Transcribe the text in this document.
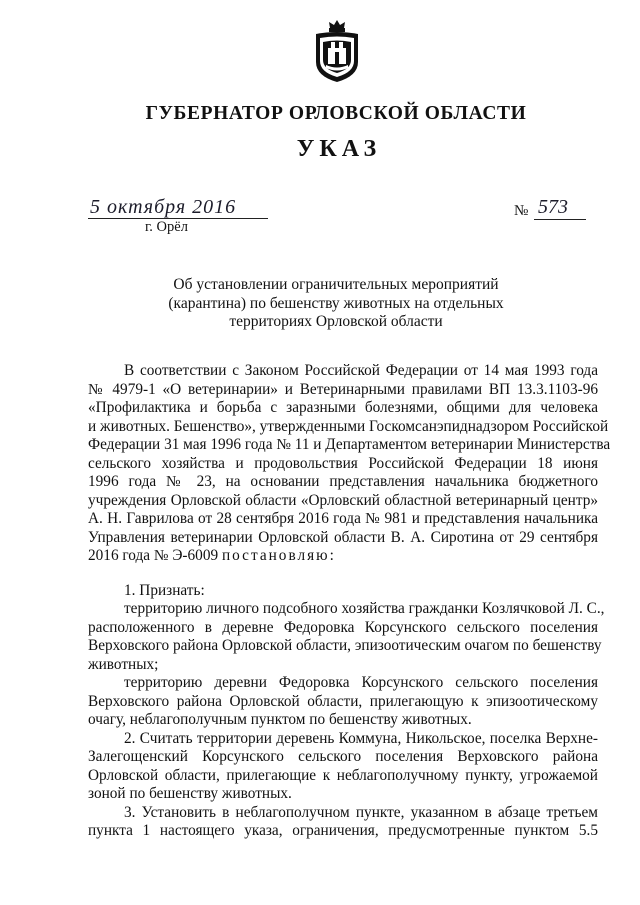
ГУБЕРНАТОР ОРЛОВСКОЙ ОБЛАСТИ
УКАЗ
5 октября 2016
г. Орёл
№ 573
Об установлении ограничительных мероприятий
(карантина) по бешенству животных на отдельных
территориях Орловской области
В соответствии с Законом Российской Федерации от 14 мая 1993 года
№ 4979-1 «О ветеринарии» и Ветеринарными правилами ВП 13.3.1103-96
«Профилактика и борьба с заразными болезнями, общими для человека
и животных. Бешенство», утвержденными Госкомсанэпиднадзором Российской
Федерации 31 мая 1996 года № 11 и Департаментом ветеринарии Министерства
сельского хозяйства и продовольствия Российской Федерации 18 июня
1996 года № 23, на основании представления начальника бюджетного
учреждения Орловской области «Орловский областной ветеринарный центр»
А. Н. Гаврилова от 28 сентября 2016 года № 981 и представления начальника
Управления ветеринарии Орловской области В. А. Сиротина от 29 сентября
2016 года № Э-6009 постановляю:
1. Признать:
территорию личного подсобного хозяйства гражданки Козлячковой Л. С.,
расположенного в деревне Федоровка Корсунского сельского поселения
Верховского района Орловской области, эпизоотическим очагом по бешенству
животных;
территорию деревни Федоровка Корсунского сельского поселения
Верховского района Орловской области, прилегающую к эпизоотическому
очагу, неблагополучным пунктом по бешенству животных.
2. Считать территории деревень Коммуна, Никольское, поселка Верхне-
Залегощенский Корсунского сельского поселения Верховского района
Орловской области, прилегающие к неблагополучному пункту, угрожаемой
зоной по бешенству животных.
3. Установить в неблагополучном пункте, указанном в абзаце третьем
пункта 1 настоящего указа, ограничения, предусмотренные пунктом 5.5
